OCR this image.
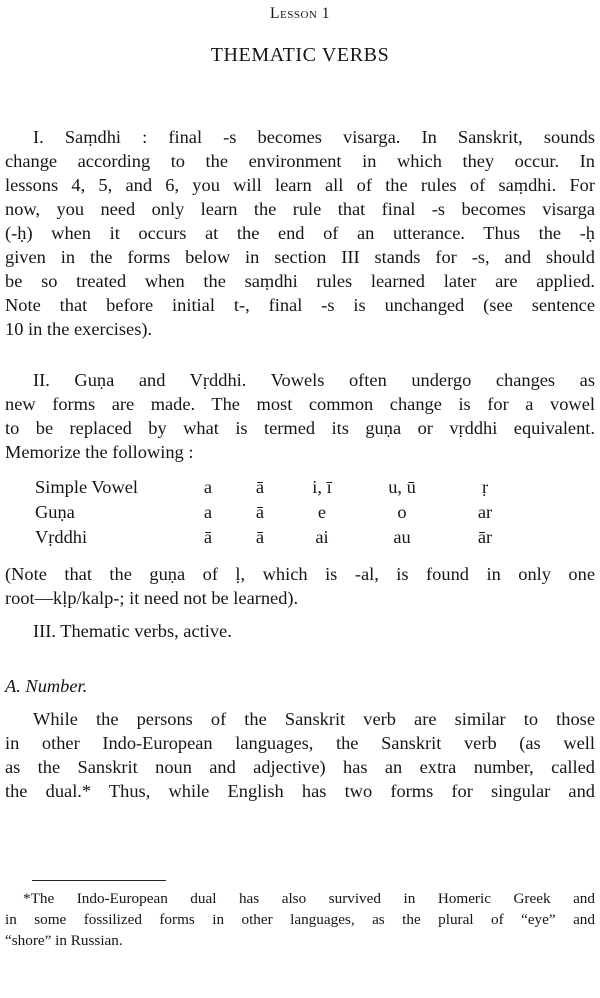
Lesson 1
THEMATIC VERBS

I. Saṃdhi : final -s becomes visarga. In Sanskrit, sounds

change according to the environment in which they occur. In

lessons 4, 5, and 6, you will learn all of the rules of saṃdhi. For

now, you need only learn the rule that final -s becomes visarga

(-ḥ) when it occurs at the end of an utterance. Thus the -ḥ

given in the forms below in section III stands for -s, and should

be so treated when the saṃdhi rules learned later are applied.

Note that before initial t-, final -s is unchanged (see sentence

10 in the exercises).

II. Guṇa and Vṛddhi. Vowels often undergo changes as

new forms are made. The most common change is for a vowel

to be replaced by what is termed its guṇa or vṛddhi equivalent.

Memorize the following :

Simple Vowel	a	ā	i, ī	u, ū	ṛ
Guṇa	a	ā	e	o	ar
Vṛddhi	ā	ā	ai	au	ār

(Note that the guṇa of ḷ, which is -al, is found in only one

root—kḷp/kalp-; it need not be learned).

III. Thematic verbs, active.

A. Number.

While the persons of the Sanskrit verb are similar to those

in other Indo-European languages, the Sanskrit verb (as well

as the Sanskrit noun and adjective) has an extra number, called

the dual.* Thus, while English has two forms for singular and

*The Indo-European dual has also survived in Homeric Greek and

in some fossilized forms in other languages, as the plural of “eye” and

“shore” in Russian.
